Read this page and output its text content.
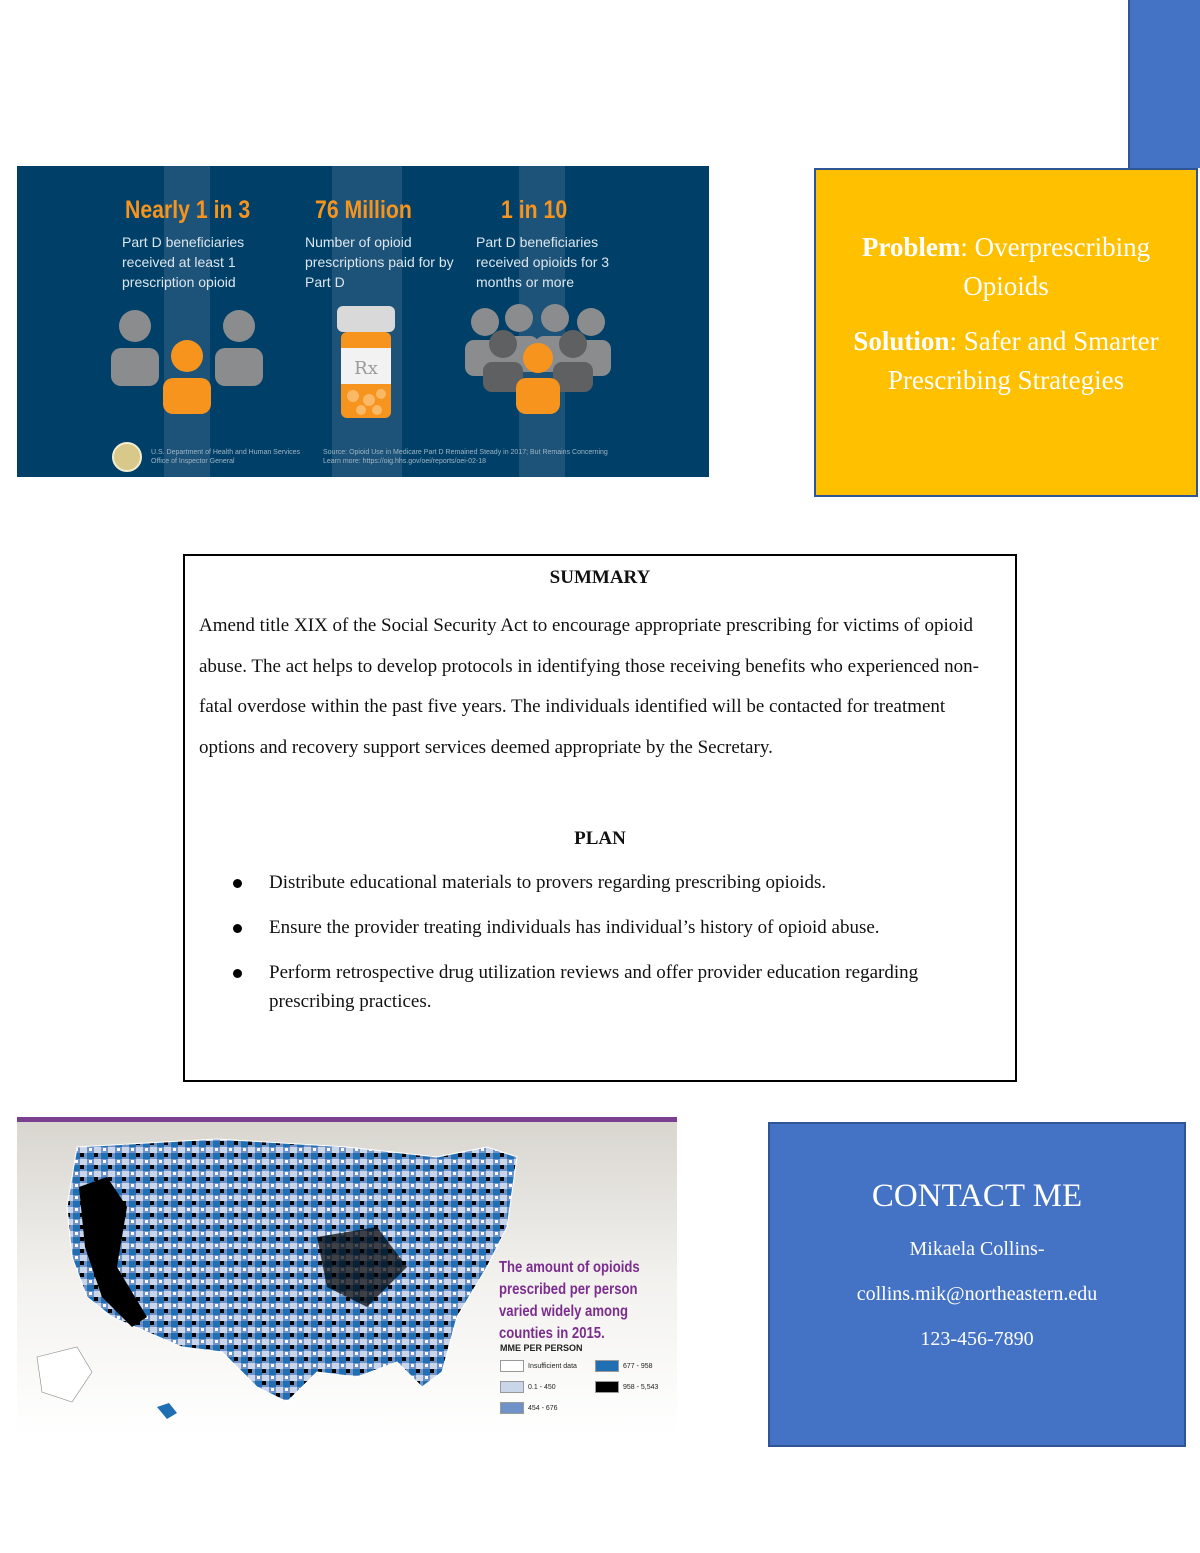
Nearly 1 in 3
Part D beneficiaries received at least 1 prescription opioid
76 Million
Number of opioid prescriptions paid for by Part D
1 in 10
Part D beneficiaries received opioids for 3 months or more
Rx
U.S. Department of Health and Human Services
Office of Inspector General
Source: Opioid Use in Medicare Part D Remained Steady in 2017; But Remains Concerning
Learn more: https://oig.hhs.gov/oei/reports/oei-02-18

Problem: Overprescribing Opioids

Solution: Safer and Smarter Prescribing Strategies

SUMMARY
Amend title XIX of the Social Security Act to encourage appropriate prescribing for victims of opioid abuse. The act helps to develop protocols in identifying those receiving benefits who experienced non-fatal overdose within the past five years. The individuals identified will be contacted for treatment options and recovery support services deemed appropriate by the Secretary.
PLAN
Distribute educational materials to provers regarding prescribing opioids.
Ensure the provider treating individuals has individual’s history of opioid abuse.
Perform retrospective drug utilization reviews and offer provider education regarding prescribing practices.
The amount of opioids prescribed per person varied widely among counties in 2015.
MME PER PERSON
Insufficient data
0.1 - 450
454 - 676
677 - 958
958 - 5,543
CONTACT ME
Mikaela Collins-
collins.mik@northeastern.edu
123-456-7890
